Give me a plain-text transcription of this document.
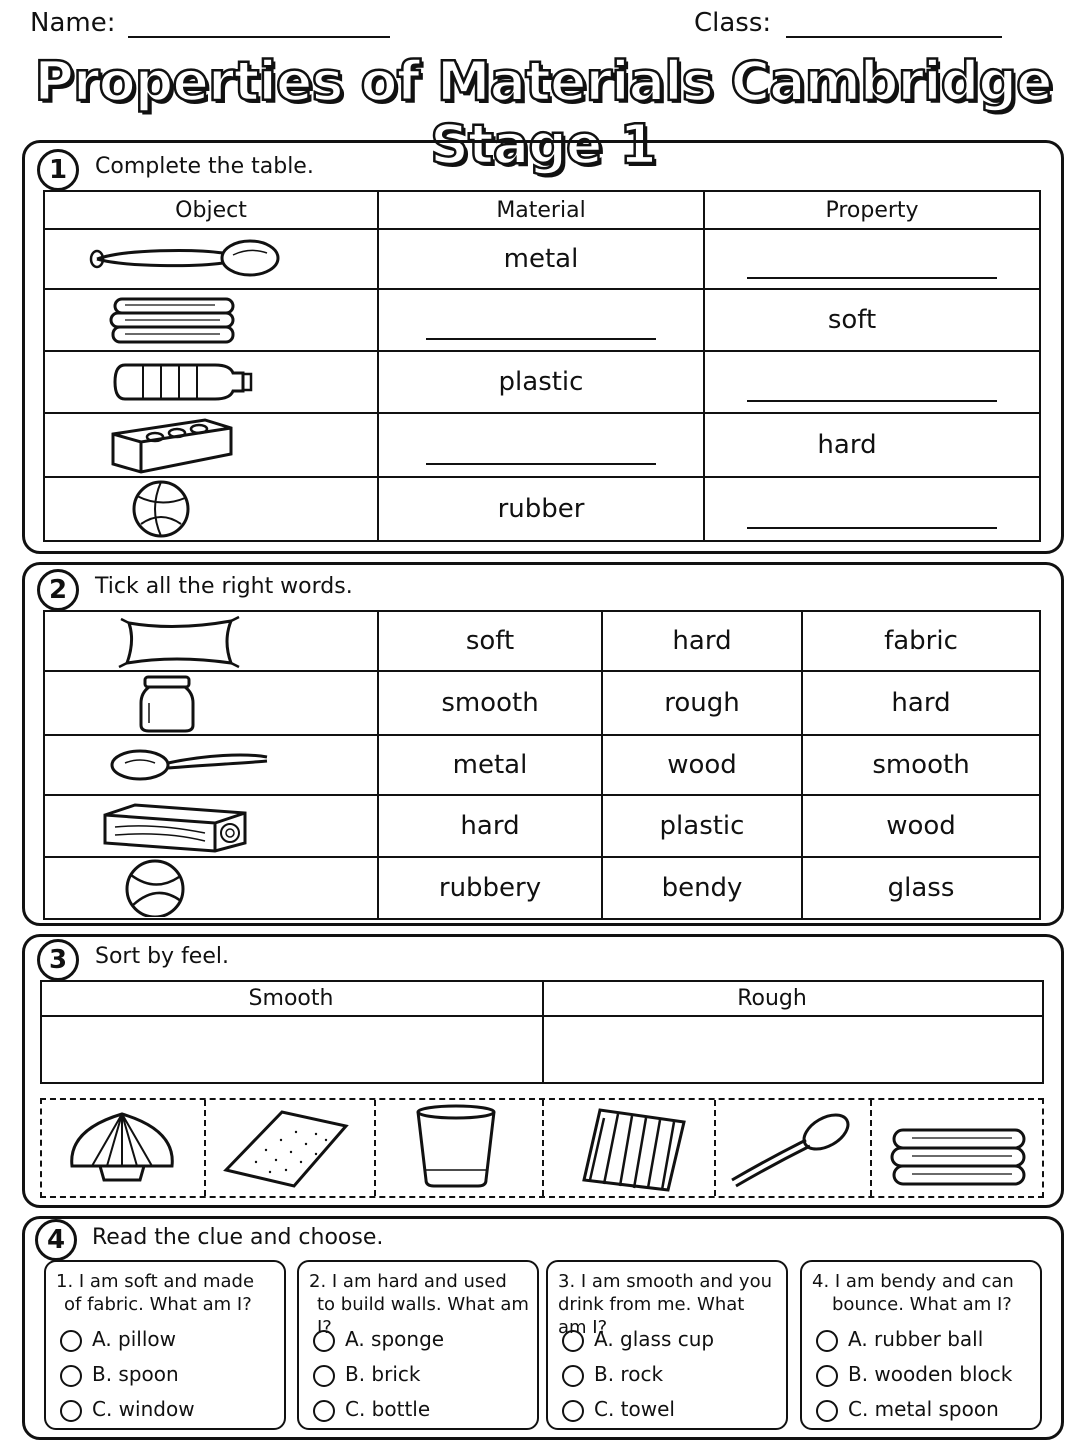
Name:	Class:
Properties of Materials Cambridge Stage 1
1	Complete the table.
Object	Material	Property

	metal	

		soft

	plastic	

		hard

	rubber	
2	Tick all the right words.
	soft	hard	fabric

	smooth	rough	hard

	metal	wood	smooth

	hard	plastic	wood

	rubbery	bendy	glass
3	Sort by feel.
Smooth	Rough
4	Read the clue and choose.
1. I am soft and made
of fabric. What am I?
A. pillow
B. spoon
C. window
2. I am hard and used
to build walls. What am I? A. sponge
B. brick
C. bottle
3. I am smooth and you
drink from me. What am I?
A. glass cup
B. rock
C. towel
4. I am bendy and can
bounce. What am I?
A. rubber ball
B. wooden block
C. metal spoon
